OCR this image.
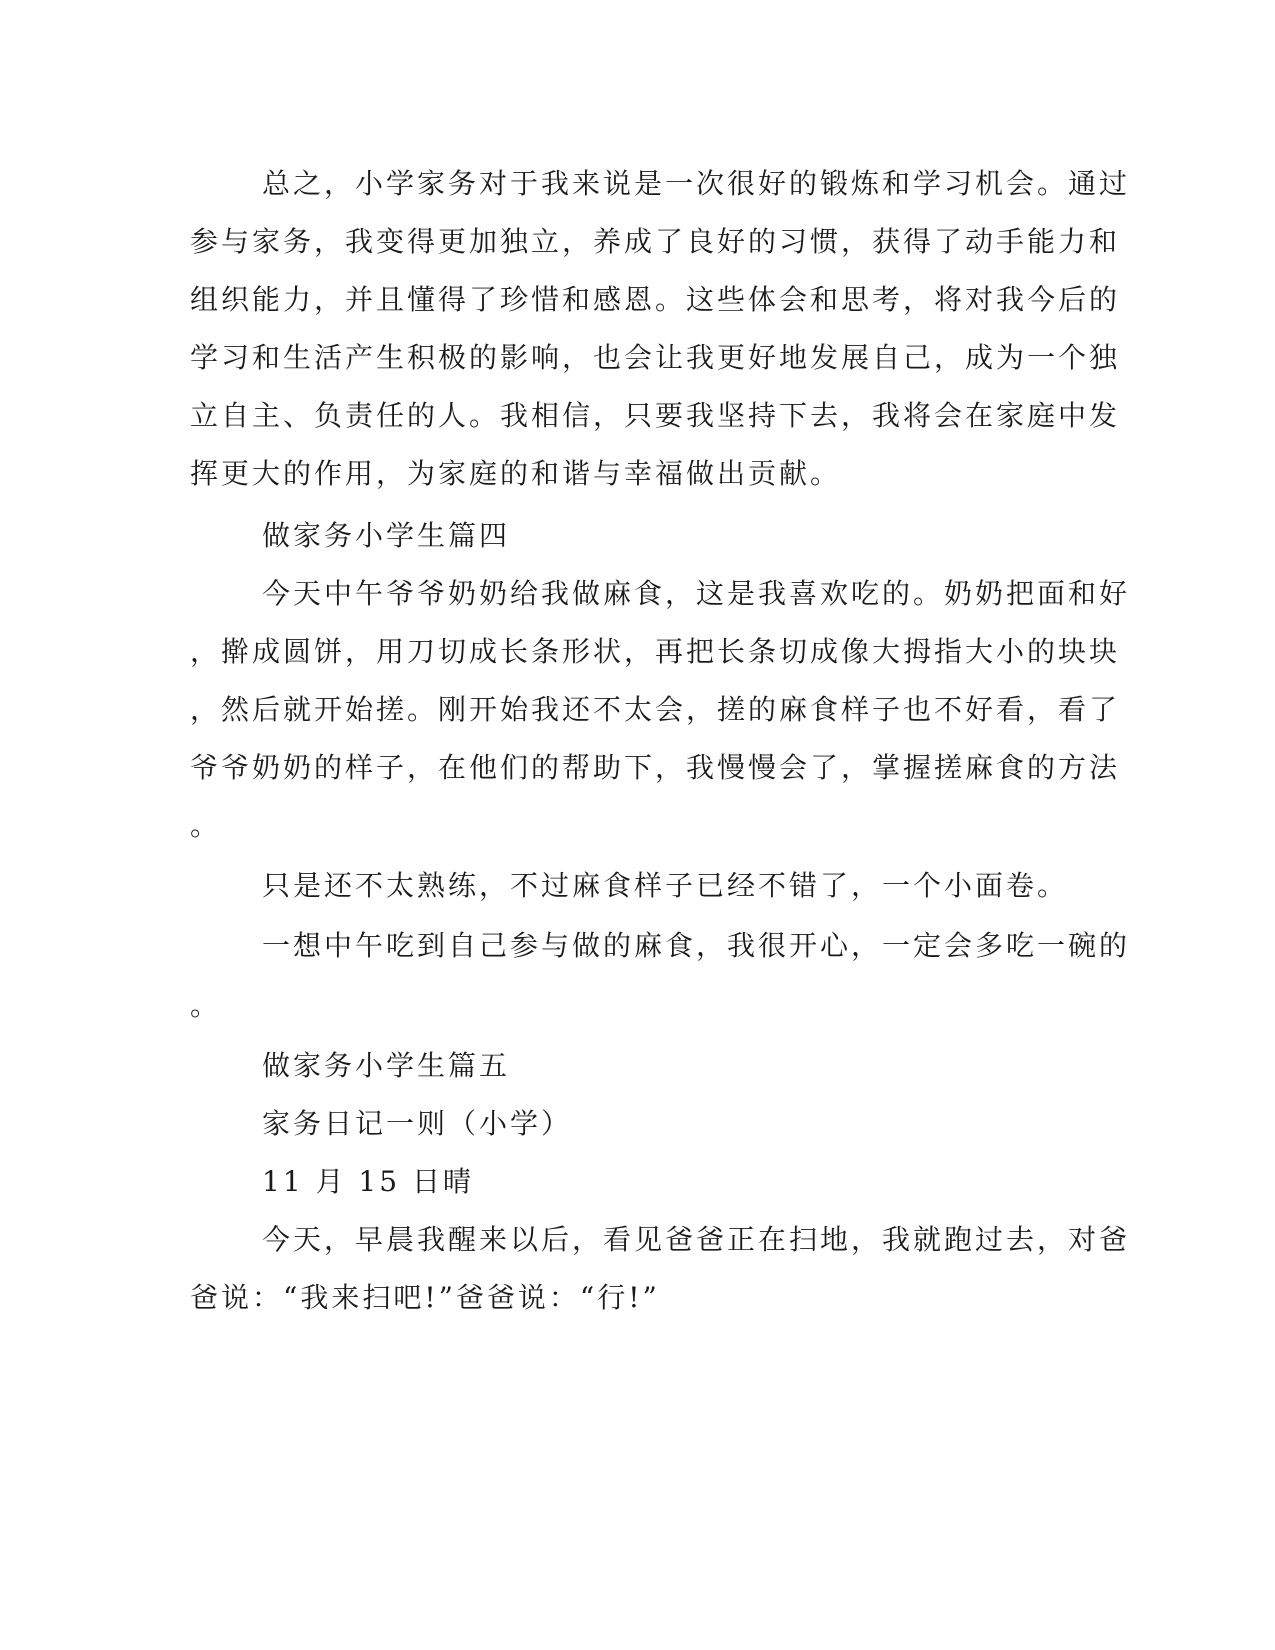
总之，小学家务对于我来说是一次很好的锻炼和学习机会。通过
参与家务，我变得更加独立，养成了良好的习惯，获得了动手能力和
组织能力，并且懂得了珍惜和感恩。这些体会和思考，将对我今后的
学习和生活产生积极的影响，也会让我更好地发展自己，成为一个独
立自主、负责任的人。我相信，只要我坚持下去，我将会在家庭中发
挥更大的作用，为家庭的和谐与幸福做出贡献。
做家务小学生篇四
今天中午爷爷奶奶给我做麻食，这是我喜欢吃的。奶奶把面和好
，擀成圆饼，用刀切成长条形状，再把长条切成像大拇指大小的块块
，然后就开始搓。刚开始我还不太会，搓的麻食样子也不好看，看了
爷爷奶奶的样子，在他们的帮助下，我慢慢会了，掌握搓麻食的方法
。
只是还不太熟练，不过麻食样子已经不错了，一个小面卷。
一想中午吃到自己参与做的麻食，我很开心，一定会多吃一碗的
。
做家务小学生篇五
家务日记一则（小学）
11 月 15 日晴
今天，早晨我醒来以后，看见爸爸正在扫地，我就跑过去，对爸
爸说：“我来扫吧!”爸爸说：“行!”
